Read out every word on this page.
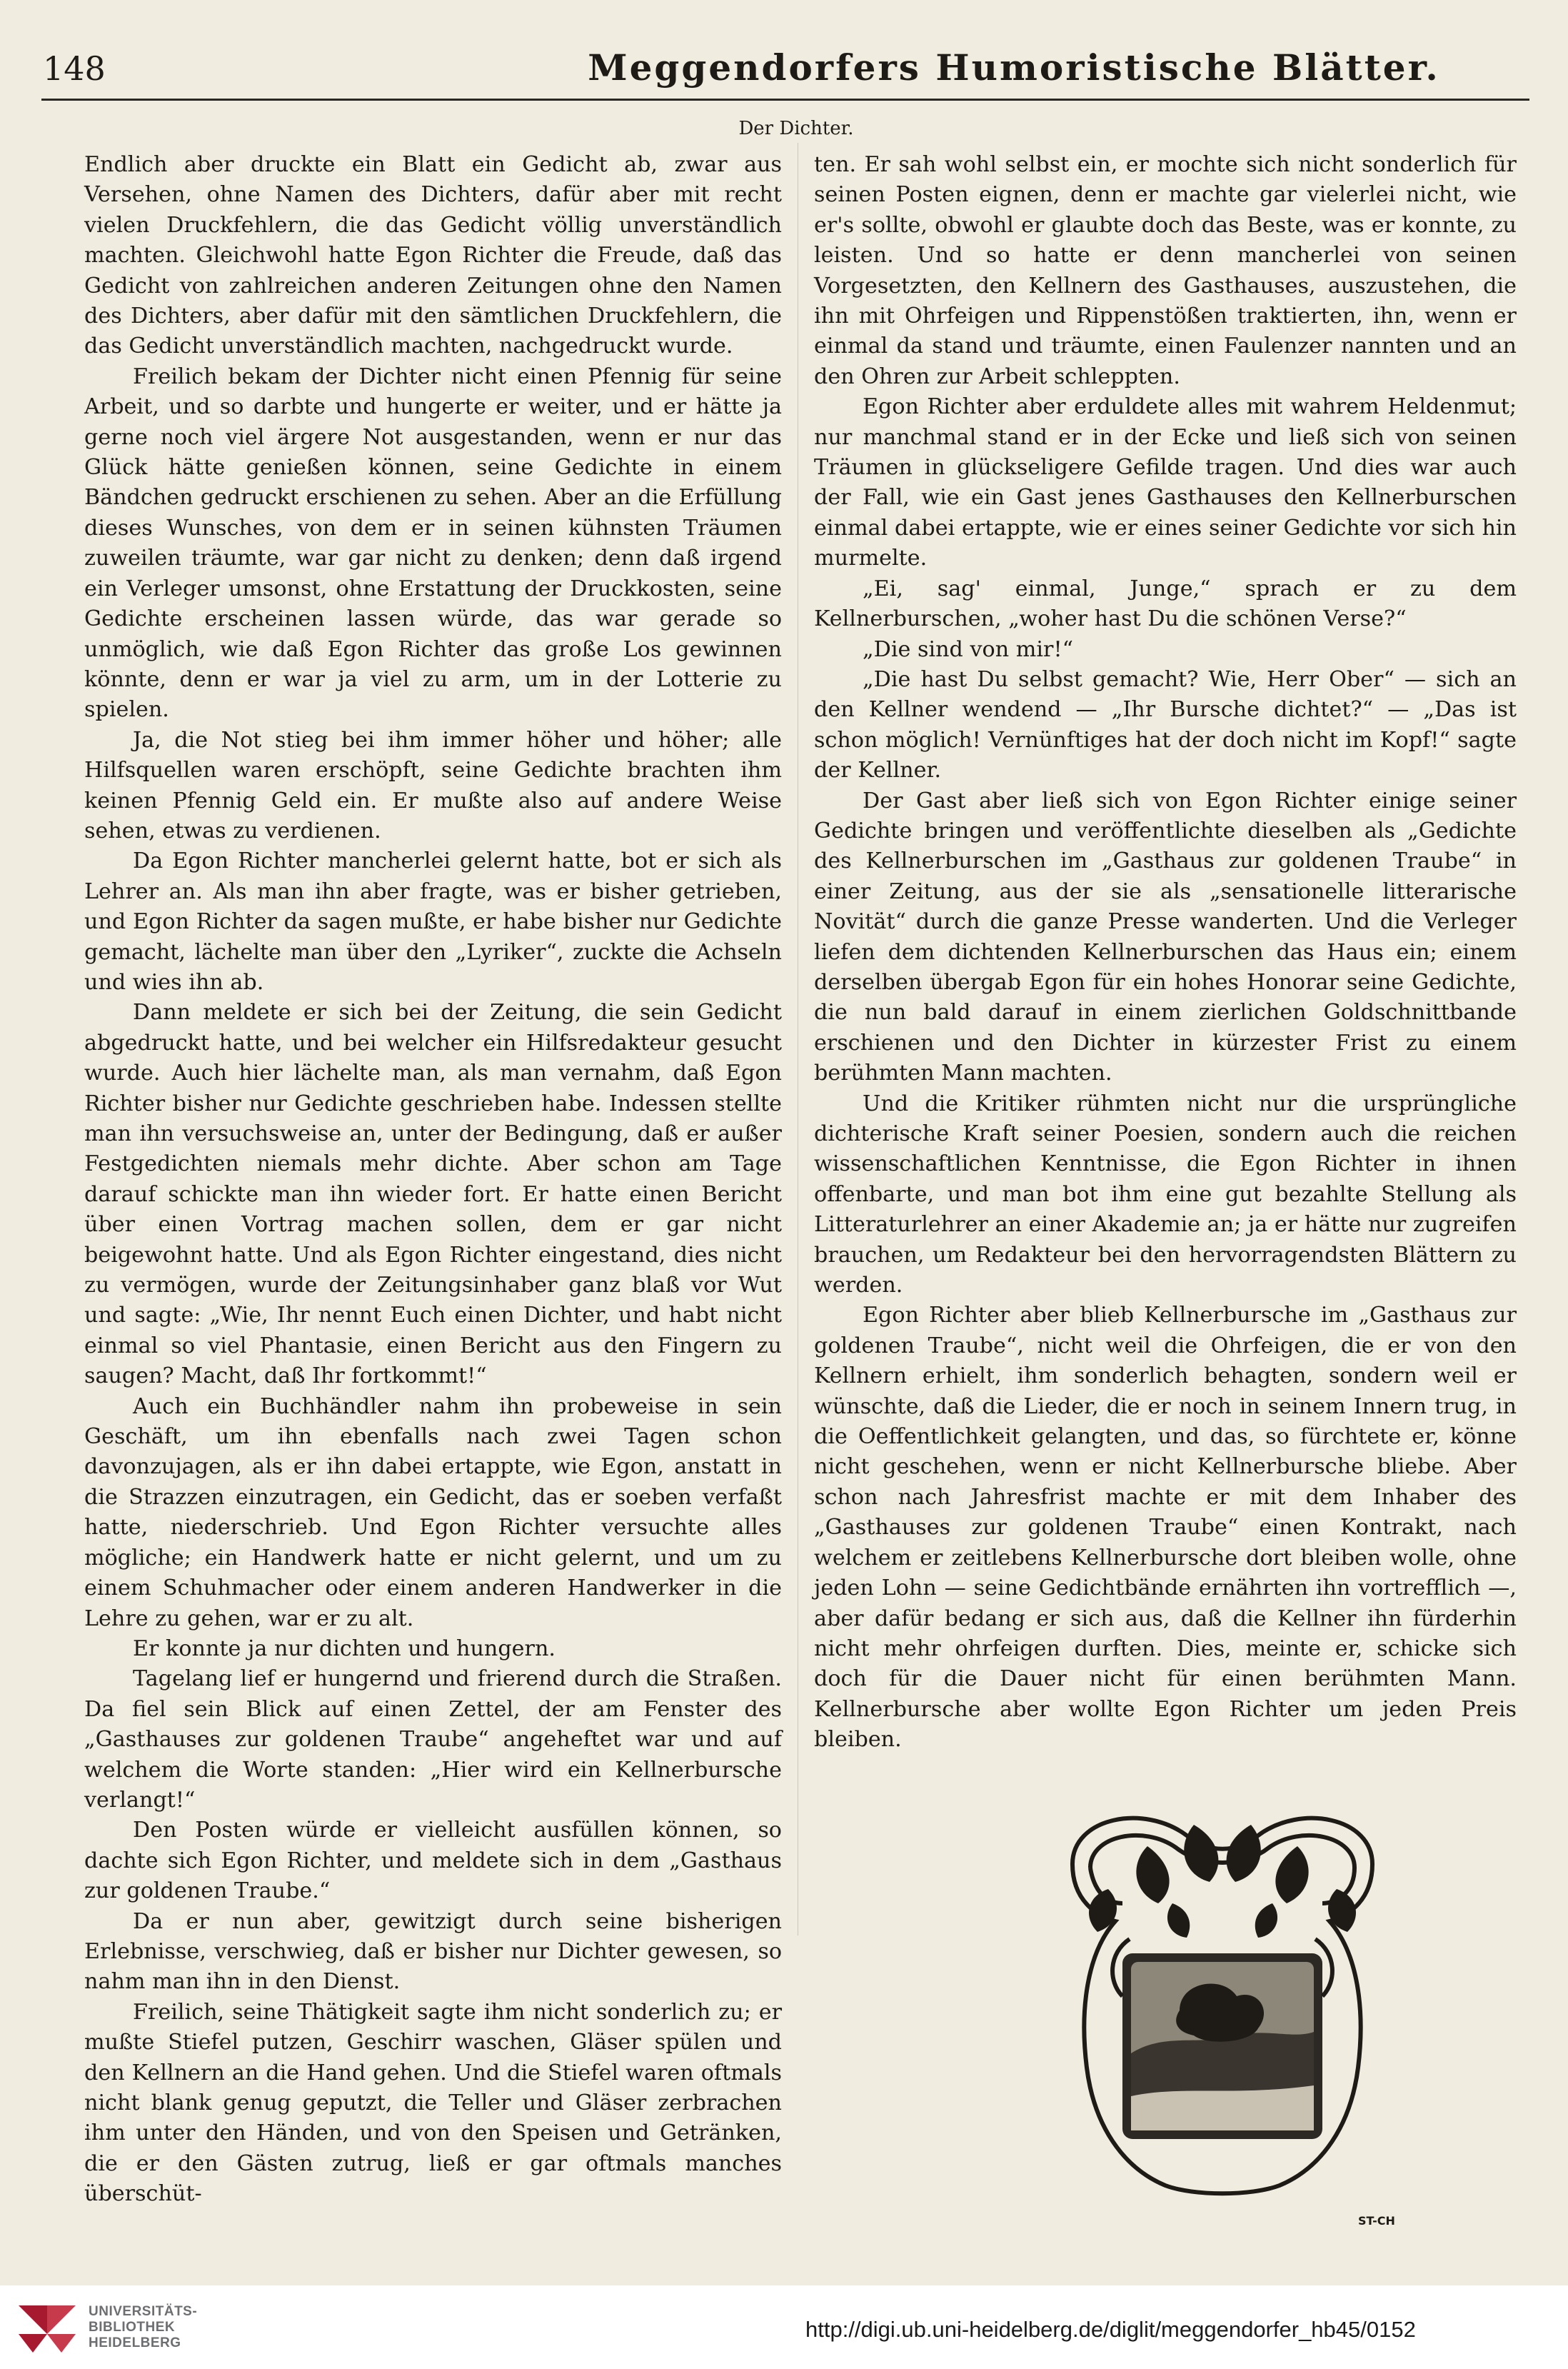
148	Meggendorfers Humoristische Blätter.
Der Dichter.

Endlich aber druckte ein Blatt ein Gedicht ab, zwar aus Versehen, ohne Namen des Dichters, dafür aber mit recht vielen Druckfehlern, die das Gedicht völlig unverständlich machten. Gleichwohl hatte Egon Richter die Freude, daß das Gedicht von zahlreichen anderen Zeitungen ohne den Namen des Dichters, aber dafür mit den sämtlichen Druckfehlern, die das Gedicht unverständlich machten, nachgedruckt wurde.

Freilich bekam der Dichter nicht einen Pfennig für seine Arbeit, und so darbte und hungerte er weiter, und er hätte ja gerne noch viel ärgere Not ausgestanden, wenn er nur das Glück hätte genießen können, seine Gedichte in einem Bändchen gedruckt erschienen zu sehen. Aber an die Erfüllung dieses Wunsches, von dem er in seinen kühnsten Träumen zuweilen träumte, war gar nicht zu denken; denn daß irgend ein Verleger umsonst, ohne Erstattung der Druckkosten, seine Gedichte erscheinen lassen würde, das war gerade so unmöglich, wie daß Egon Richter das große Los gewinnen könnte, denn er war ja viel zu arm, um in der Lotterie zu spielen.

Ja, die Not stieg bei ihm immer höher und höher; alle Hilfsquellen waren erschöpft, seine Gedichte brachten ihm keinen Pfennig Geld ein. Er mußte also auf andere Weise sehen, etwas zu verdienen.

Da Egon Richter mancherlei gelernt hatte, bot er sich als Lehrer an. Als man ihn aber fragte, was er bisher getrieben, und Egon Richter da sagen mußte, er habe bisher nur Gedichte gemacht, lächelte man über den „Lyriker“, zuckte die Achseln und wies ihn ab.

Dann meldete er sich bei der Zeitung, die sein Gedicht abgedruckt hatte, und bei welcher ein Hilfsredakteur gesucht wurde. Auch hier lächelte man, als man vernahm, daß Egon Richter bisher nur Gedichte geschrieben habe. Indessen stellte man ihn versuchsweise an, unter der Bedingung, daß er außer Festgedichten niemals mehr dichte. Aber schon am Tage darauf schickte man ihn wieder fort. Er hatte einen Bericht über einen Vortrag machen sollen, dem er gar nicht beigewohnt hatte. Und als Egon Richter eingestand, dies nicht zu vermögen, wurde der Zeitungsinhaber ganz blaß vor Wut und sagte: „Wie, Ihr nennt Euch einen Dichter, und habt nicht einmal so viel Phantasie, einen Bericht aus den Fingern zu saugen? Macht, daß Ihr fortkommt!“

Auch ein Buchhändler nahm ihn probeweise in sein Geschäft, um ihn ebenfalls nach zwei Tagen schon davonzujagen, als er ihn dabei ertappte, wie Egon, anstatt in die Strazzen einzutragen, ein Gedicht, das er soeben verfaßt hatte, niederschrieb. Und Egon Richter versuchte alles mögliche; ein Handwerk hatte er nicht gelernt, und um zu einem Schuhmacher oder einem anderen Handwerker in die Lehre zu gehen, war er zu alt.

Er konnte ja nur dichten und hungern.

Tagelang lief er hungernd und frierend durch die Straßen. Da fiel sein Blick auf einen Zettel, der am Fenster des „Gasthauses zur goldenen Traube“ angeheftet war und auf welchem die Worte standen: „Hier wird ein Kellnerbursche verlangt!“

Den Posten würde er vielleicht ausfüllen können, so dachte sich Egon Richter, und meldete sich in dem „Gasthaus zur goldenen Traube.“

Da er nun aber, gewitzigt durch seine bisherigen Erlebnisse, verschwieg, daß er bisher nur Dichter gewesen, so nahm man ihn in den Dienst.

Freilich, seine Thätigkeit sagte ihm nicht sonderlich zu; er mußte Stiefel putzen, Geschirr waschen, Gläser spülen und den Kellnern an die Hand gehen. Und die Stiefel waren oftmals nicht blank genug geputzt, die Teller und Gläser zerbrachen ihm unter den Händen, und von den Speisen und Getränken, die er den Gästen zutrug, ließ er gar oftmals manches überschüt-

ten. Er sah wohl selbst ein, er mochte sich nicht sonderlich für seinen Posten eignen, denn er machte gar vielerlei nicht, wie er's sollte, obwohl er glaubte doch das Beste, was er konnte, zu leisten. Und so hatte er denn mancherlei von seinen Vorgesetzten, den Kellnern des Gasthauses, auszustehen, die ihn mit Ohrfeigen und Rippenstößen traktierten, ihn, wenn er einmal da stand und träumte, einen Faulenzer nannten und an den Ohren zur Arbeit schleppten.

Egon Richter aber erduldete alles mit wahrem Heldenmut; nur manchmal stand er in der Ecke und ließ sich von seinen Träumen in glückseligere Gefilde tragen. Und dies war auch der Fall, wie ein Gast jenes Gasthauses den Kellnerburschen einmal dabei ertappte, wie er eines seiner Gedichte vor sich hin murmelte.

„Ei, sag' einmal, Junge,“ sprach er zu dem Kellnerburschen, „woher hast Du die schönen Verse?“

„Die sind von mir!“

„Die hast Du selbst gemacht? Wie, Herr Ober“ — sich an den Kellner wendend — „Ihr Bursche dichtet?“ — „Das ist schon möglich! Vernünftiges hat der doch nicht im Kopf!“ sagte der Kellner.

Der Gast aber ließ sich von Egon Richter einige seiner Gedichte bringen und veröffentlichte dieselben als „Gedichte des Kellnerburschen im „Gasthaus zur goldenen Traube“ in einer Zeitung, aus der sie als „sensationelle litterarische Novität“ durch die ganze Presse wanderten. Und die Verleger liefen dem dichtenden Kellnerburschen das Haus ein; einem derselben übergab Egon für ein hohes Honorar seine Gedichte, die nun bald darauf in einem zierlichen Goldschnittbande erschienen und den Dichter in kürzester Frist zu einem berühmten Mann machten.

Und die Kritiker rühmten nicht nur die ursprüngliche dichterische Kraft seiner Poesien, sondern auch die reichen wissenschaftlichen Kenntnisse, die Egon Richter in ihnen offenbarte, und man bot ihm eine gut bezahlte Stellung als Litteraturlehrer an einer Akademie an; ja er hätte nur zugreifen brauchen, um Redakteur bei den hervorragendsten Blättern zu werden.

Egon Richter aber blieb Kellnerbursche im „Gasthaus zur goldenen Traube“, nicht weil die Ohrfeigen, die er von den Kellnern erhielt, ihm sonderlich behagten, sondern weil er wünschte, daß die Lieder, die er noch in seinem Innern trug, in die Oeffentlichkeit gelangten, und das, so fürchtete er, könne nicht geschehen, wenn er nicht Kellnerbursche bliebe. Aber schon nach Jahresfrist machte er mit dem Inhaber des „Gasthauses zur goldenen Traube“ einen Kontrakt, nach welchem er zeitlebens Kellnerbursche dort bleiben wolle, ohne jeden Lohn — seine Gedichtbände ernährten ihn vortrefflich —, aber dafür bedang er sich aus, daß die Kellner ihn fürderhin nicht mehr ohrfeigen durften. Dies, meinte er, schicke sich doch für die Dauer nicht für einen berühmten Mann. Kellnerbursche aber wollte Egon Richter um jeden Preis bleiben.

ST-CH
UNIVERSITÄTS-
BIBLIOTHEK
HEIDELBERG
http://digi.ub.uni-heidelberg.de/diglit/meggendorfer_hb45/0152
